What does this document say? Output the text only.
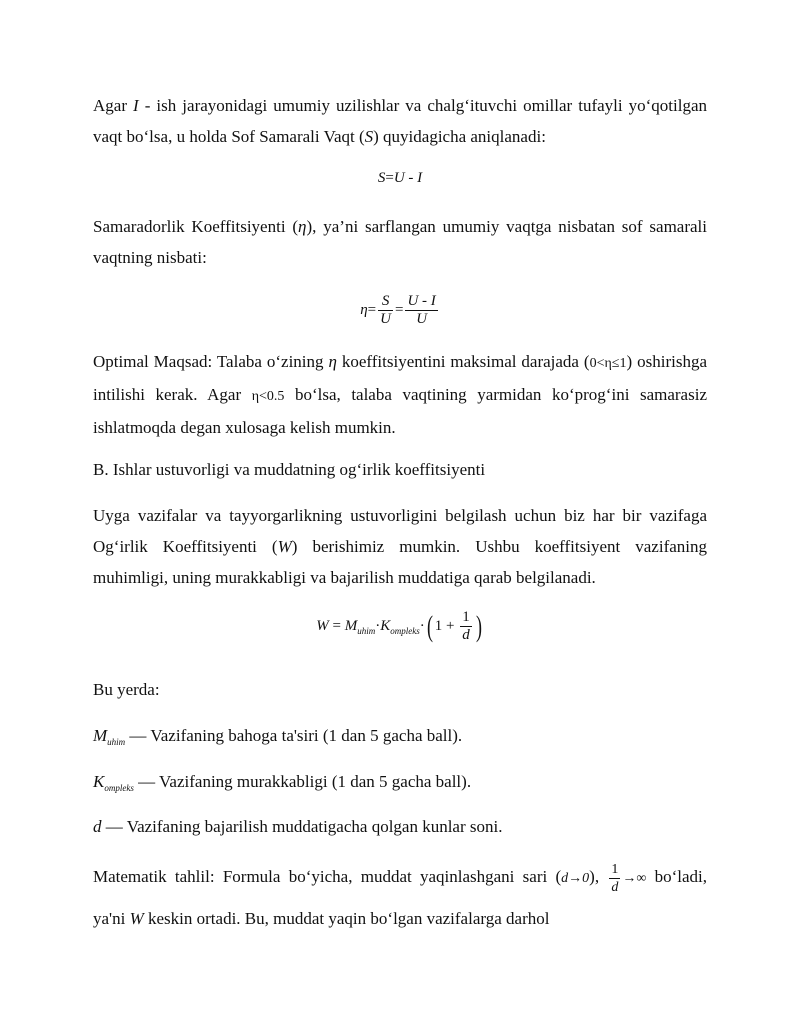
Agar I - ish jarayonidagi umumiy uzilishlar va chalg‘ituvchi omillar tufayli yo‘qotilgan vaqt bo‘lsa, u holda Sof Samarali Vaqt (S) quyidagicha aniqlanadi:

S=U - I

Samaradorlik Koeffitsiyenti (η), ya’ni sarflangan umumiy vaqtga nisbatan sof samarali vaqtning nisbati:

$\eta= \frac{S}{U} = \frac{U - I}{U}$

Optimal Maqsad: Talaba o‘zining η koeffitsiyentini maksimal darajada (0<η≤1) oshirishga intilishi kerak. Agar η<0.5 bo‘lsa, talaba vaqtining yarmidan ko‘prog‘ini samarasiz ishlatmoqda degan xulosaga kelish mumkin.

B. Ishlar ustuvorligi va muddatning og‘irlik koeffitsiyenti

Uyga vazifalar va tayyorgarlikning ustuvorligini belgilash uchun biz har bir vazifaga Og‘irlik Koeffitsiyenti (W) berishimiz mumkin. Ushbu koeffitsiyent vazifaning muhimligi, uning murakkabligi va bajarilish muddatiga qarab belgilanadi.

$W = M_{uhim}\cdot K_{ompleks}\cdot$( $1 + \frac{1}{d}$ )

Bu yerda:

$M_{uhim}$ — Vazifaning bahoga ta'siri (1 dan 5 gacha ball).

$K_{ompleks}$ — Vazifaning murakkabligi (1 dan 5 gacha ball).

d — Vazifaning bajarilish muddatigacha qolgan kunlar soni.

Matematik tahlil: Formula bo‘yicha, muddat yaqinlashgani sari (d→0), $\frac{1}{d}$ →∞ bo‘ladi, ya'ni W keskin ortadi. Bu, muddat yaqin bo‘lgan vazifalarga darhol
